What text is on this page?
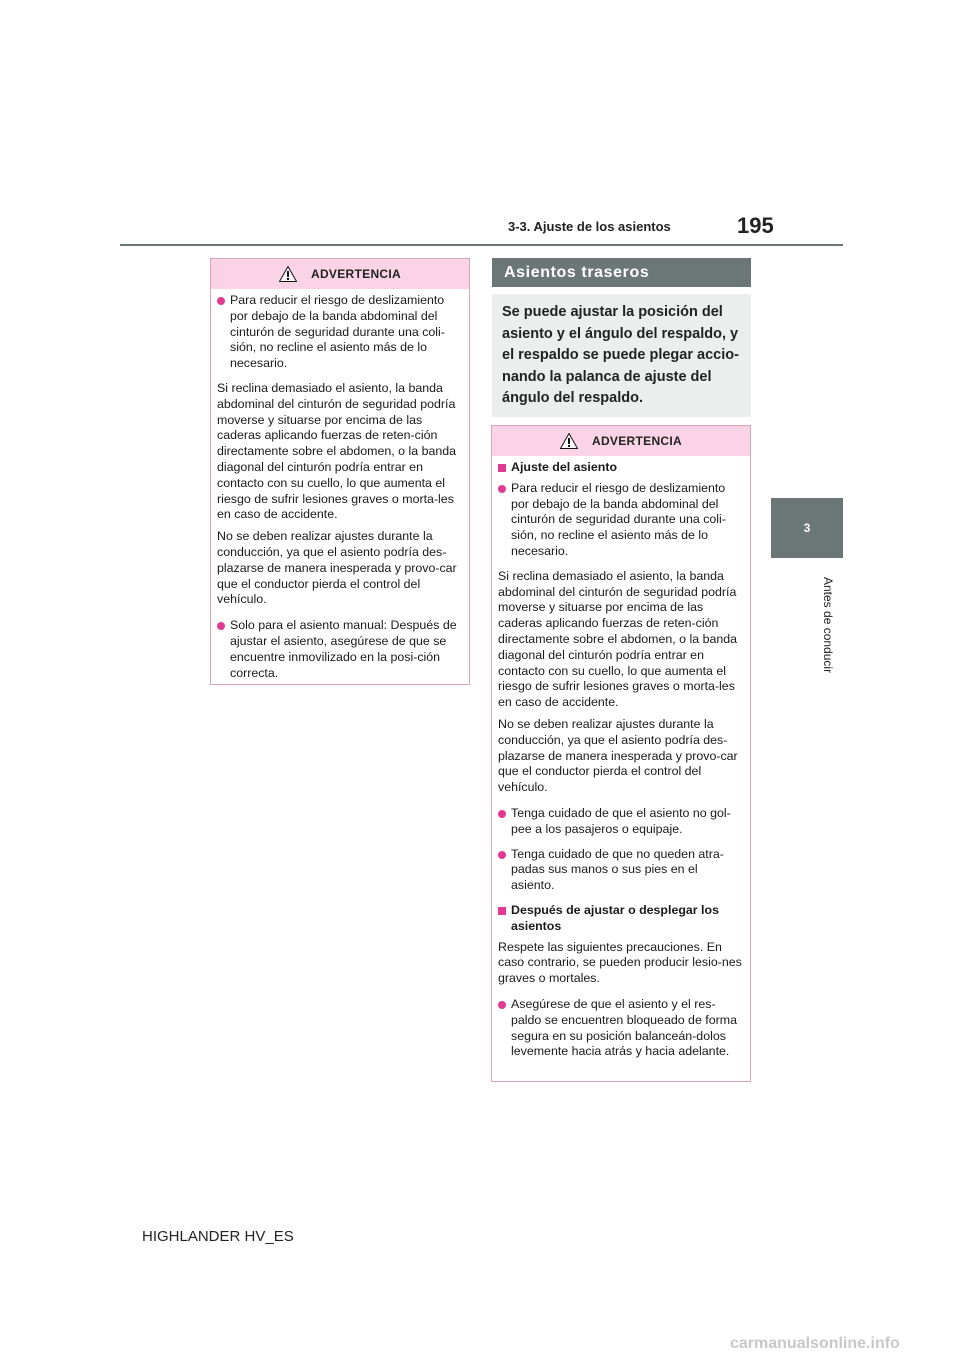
3-3. Ajuste de los asientos	195
3
Antes de conducir
ADVERTENCIA
Para reducir el riesgo de deslizamiento por debajo de la banda abdominal del cinturón de seguridad durante una coli-sión, no recline el asiento más de lo necesario.
Si reclina demasiado el asiento, la banda abdominal del cinturón de seguridad podría moverse y situarse por encima de las caderas aplicando fuerzas de reten-ción directamente sobre el abdomen, o la banda diagonal del cinturón podría entrar en contacto con su cuello, lo que aumenta el riesgo de sufrir lesiones graves o morta-les en caso de accidente.
No se deben realizar ajustes durante la conducción, ya que el asiento podría des-plazarse de manera inesperada y provo-car que el conductor pierda el control del vehículo.
Solo para el asiento manual: Después de ajustar el asiento, asegúrese de que se encuentre inmovilizado en la posi-ción correcta.
Asientos traseros
Se puede ajustar la posición del asiento y el ángulo del respaldo, y el respaldo se puede plegar accio-nando la palanca de ajuste del ángulo del respaldo.
ADVERTENCIA
Ajuste del asiento
Para reducir el riesgo de deslizamiento por debajo de la banda abdominal del cinturón de seguridad durante una coli-sión, no recline el asiento más de lo necesario.
Si reclina demasiado el asiento, la banda abdominal del cinturón de seguridad podría moverse y situarse por encima de las caderas aplicando fuerzas de reten-ción directamente sobre el abdomen, o la banda diagonal del cinturón podría entrar en contacto con su cuello, lo que aumenta el riesgo de sufrir lesiones graves o morta-les en caso de accidente.
No se deben realizar ajustes durante la conducción, ya que el asiento podría des-plazarse de manera inesperada y provo-car que el conductor pierda el control del vehículo.
Tenga cuidado de que el asiento no gol-pee a los pasajeros o equipaje.
Tenga cuidado de que no queden atra-padas sus manos o sus pies en el asiento.
Después de ajustar o desplegar los asientos
Respete las siguientes precauciones. En caso contrario, se pueden producir lesio-nes graves o mortales.
Asegúrese de que el asiento y el res-paldo se encuentren bloqueado de forma segura en su posición balanceán-dolos levemente hacia atrás y hacia adelante.
HIGHLANDER HV_ES
carmanualsonline.info
